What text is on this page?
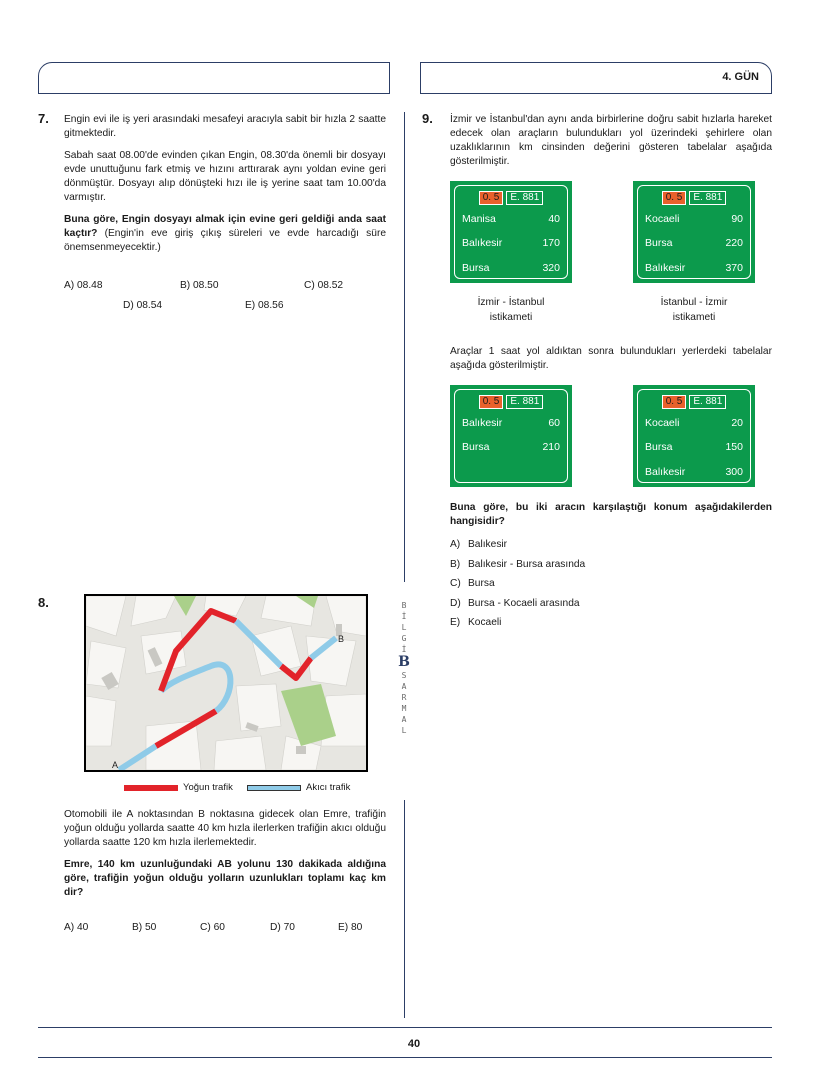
4. GÜN
B
İ
L
G
İ
B
S
A
R
M
A
L
7. Engin evi ile iş yeri arasındaki mesafeyi aracıyla sabit bir hızla 2 saatte gitmektedir.

Sabah saat 08.00'de evinden çıkan Engin, 08.30'da önemli bir dosyayı evde unuttuğunu fark etmiş ve hızını arttırarak aynı yoldan evine geri dönmüştür. Dosyayı alıp dönüşteki hızı ile iş yerine saat tam 10.00'da varmıştır.

Buna göre, Engin dosyayı almak için evine geri geldiği anda saat kaçtır? (Engin'in eve giriş çıkış süreleri ve evde harcadığı süre önemsenmeyecektir.)

A) 08.48	B) 08.50	C) 08.52
D) 08.54	E) 08.56
8.
A
B
Yoğun trafik	Akıcı trafik

Otomobili ile A noktasından B noktasına gidecek olan Emre, trafiğin yoğun olduğu yollarda saatte 40 km hızla ilerlerken trafiğin akıcı olduğu yollarda saatte 120 km hızla ilerlemektedir.

Emre, 140 km uzunluğundaki AB yolunu 130 dakikada aldığına göre, trafiğin yoğun olduğu yolların uzunlukları toplamı kaç km dir?

A) 40	B) 50	C) 60	D) 70	E) 80
9. İzmir ve İstanbul'dan aynı anda birbirlerine doğru sabit hızlarla hareket edecek olan araçların bulundukları yol üzerindeki şehirlere olan uzaklıklarının km cinsinden değerini gösteren tabelalar aşağıda gösterilmiştir.

0. 5 E. 881
Manisa	40
Balıkesir	170
Bursa	320
İzmir - İstanbul
istikameti
0. 5 E. 881
Kocaeli	90
Bursa	220
Balıkesir	370
İstanbul - İzmir
istikameti

Araçlar 1 saat yol aldıktan sonra bulundukları yerlerdeki tabelalar aşağıda gösterilmiştir.

0. 5 E. 881
Balıkesir	60
Bursa	210
0. 5 E. 881
Kocaeli	20
Bursa	150
Balıkesir	300

Buna göre, bu iki aracın karşılaştığı konum aşağıdakilerden hangisidir?

A) Balıkesir
B) Balıkesir - Bursa arasında
C) Bursa
D) Bursa - Kocaeli arasında
E) Kocaeli
40
